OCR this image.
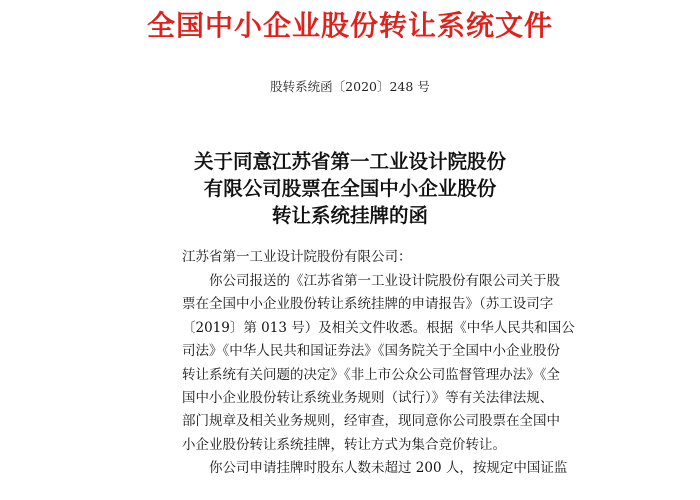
全国中小企业股份转让系统文件
股转系统函〔2020〕248 号
关于同意江苏省第一工业设计院股份
有限公司股票在全国中小企业股份
转让系统挂牌的函
江苏省第一工业设计院股份有限公司：
你公司报送的《江苏省第一工业设计院股份有限公司关于股
票在全国中小企业股份转让系统挂牌的申请报告》（苏工设司字
〔2019〕第 013 号）及相关文件收悉。根据《中华人民共和国公
司法》《中华人民共和国证券法》《国务院关于全国中小企业股份
转让系统有关问题的决定》《非上市公众公司监督管理办法》《全
国中小企业股份转让系统业务规则（试行）》等有关法律法规、
部门规章及相关业务规则，经审查，现同意你公司股票在全国中
小企业股份转让系统挂牌，转让方式为集合竞价转让。
你公司申请挂牌时股东人数未超过 200 人，按规定中国证监
